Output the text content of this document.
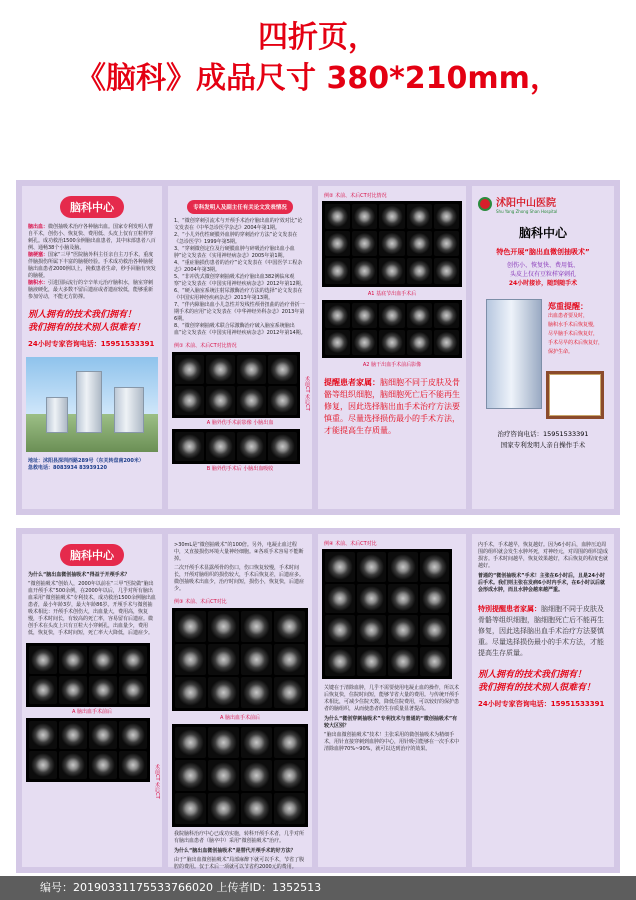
四折页，
《脑科》成品尺寸 380*210mm，
脑科中心

脑出血：微创抽吸术治疗各种脑出血。国家专利发明人曹自平术，创伤小、恢复快、费用低、头皮上仅有豆粒样穿刺孔。成功救治1500余例脑出血患者，其中床部患者八百例、通畅38个小脑及脑。

脑梗塞：国家“三甲”医院脑外科主任亲自主刀手术，重度伴脑损伤所属下丰富的脑梗经验。手术成功救治各种脑梗脑出血患者2000例以上，挽救患者生命，秒手回脑有突发的脑梗。

脑积水：引进国际流行的辛辛单元治疗脑积水，脑室穿刺脑液硬化，最大多数不留后遗症或者遗症较低，能够重新参加劳动，不能无方防撑。

别人拥有的技术我们拥有！
我们拥有的技术别人很难有！
24小时专家咨询电话：15951533391
地址：沭阳县深圳西路289号（东关转盘南200米）
急救电话：8083934 83939120
专科发明人及副主任有关论文发表情况

1、“微创穿刺引流术与开颅手术治疗脑出血的疗效对比”论文发表在《中华急诊医学杂志》2004年第1期。

2、“小儿外伤性硬膜外血肿的穿刺治疗方法”论文发表在《急诊医学》1999年第5期。

3、“穿刺微创定位及行硬膜血肿与碎吸治疗脑出血小血肿”论文发表在《实用神经病杂志》2005年第1期。

4、“重症脑损伤患者的治疗”论文发表在《中国医学工程杂志》2004年第3期。

5、“非冲洗式微创穿刺抽吸术治疗脑出血382例临床观察”论文发表在《中国实用神经疾病杂志》2012年第12期。

6、“硬入脑室系统注射尿激酶治疗方法的选择”论文发表在《中国实用神经疾病杂志》2013年第13期。

7、“伴内障脑出血小儿急性并发线性颅骨扭曲的治疗骨折一期手术的应用”论文发表在《中华神经外科杂志》2013年第6期。

8、“微创穿刺抽吸术联合尿激酶治疗破入脑室系统脑出血”论文发表在《中国实用神经疾病杂志》2012年第14期。

例① 术前、术后CT对比情况
A 脑外伤手术前影像 小脑出血
B 脑外伤手术后 小脑出血吸收
术前CT 术后CT
例② 术前、术后CT对比情况
A1 基底节出血手术后
A2 脑干出血手术前后影像
提醒患者家属：脑细胞不同于皮肤及骨骼等组织细胞，脑细胞死亡后不能再生修复，因此选择脑出血手术治疗方法要慎重。尽量选择损伤最小的手术方法，才能提高生存质量。
沭阳中山医院
Shu Yang Zhong Shan Hospital
脑科中心
特色开展“脑出血微创抽吸术”
创伤小、恢复快、费用低、
头皮上仅有豆粒样穿刺孔
24小时接诊，随到随手术
郑重提醒：
出血患者要及时，
脑积水手术后恢复慢，
尽早脑手术后恢复好，
手术尽早的术后恢复好，
保护生命。
治疗咨询电话：15951533391
国家专利发明人亲自操作手术
脑科中心
为什么“脑出血微创抽吸术”得益于开颅手术？
“微创抽吸术”创始人，2000年以前在“三甲”医院做“脑出血开颅手术”500余例，在2000年以后，几乎对所有脑出血采用“微创抽吸术”专利技术，成功救治1500余例脑出血患者，最小年龄3岁，最大年龄86岁。开颅手术与微创抽吸术相比：开颅手术创伤大，出血量大，费用高，恢复慢，手术时间长，有较高的死亡率，容易留有后遗症。微创手术在头皮上只有豆粒大小穿刺孔，出血量少，费用低，恢复快，手术时间短，死亡率大大降低，后遗症少。
A 脑出血手术前后
术前CT 术后CT
>30mL是“微创抽吸术”的100倍。另外，电凝止血过程中，又直接损伤环境大量神经细胞。④各项手术容易不能断掉。
二次开颅手术显露颅骨的伤口，伤口恢复较慢，手术时间长，开颅对脑组织的损伤较大，手术后恢复差，后遗症多。微创抽吸术出血少，治疗时间短，损伤小，恢复快，后遗症少。
例③ 术前、术后CT对比
A 脑出血手术前后
我院脑科治疗中心已成功实施，转科开颅手术者，几乎对所有脑出血患者（脑卒中）采用“微创抽吸术”治疗。
为什么“脑出血微创抽吸术”是替代开颅手术的好方法？
由于“脑出血微创抽吸术”局部麻醉下就可以手术，节省了腹腔的费用。仅于术后一项就可以节省约2000元的费用。
例④ 术前、术后CT对比
关键在于清除血肿，几乎不需要使用电凝止血的操作，所以术后恢复快，住院时间短，能够节省大量的费用。与传统开颅手术相比，可减少住院天数，降低住院费用，可以较好的保护患者的脑组织，从而使患者的生存质量显著提高。
为什么“微创穿刺抽吸术”专利技术与普通的“微创抽吸术”有较大区别？
“脑出血微创抽吸术”技术！主张采用的微创抽吸术为精细手术，用针直接穿刺到血肿的中心，用针吸引能够在一次手术中清除血肿70%~90%，就可以达到治疗的效果。
内手术，手术越早，恢复越好。因为6小时后，血肿压迫周围的组织就会发生水肿坏死，对神经元，对周围的组织造成损害。手术时间越早，恢复效果越好，术后恢复的程度也就越好。
普通的“微创抽吸术”手术！主张在6小时后，且是24小时后手术。我们则主张在发病6小时内手术，在6小时以后就会形成水肿，而且水肿会越来越严重。
特别提醒患者家属：脑细胞不同于皮肤及骨骼等组织细胞，脑细胞死亡后不能再生修复，因此选择脑出血手术治疗方法要慎重。尽量选择损伤最小的手术方法，才能提高生存质量。
别人拥有的技术我们拥有！
我们拥有的技术别人很难有！
24小时专家咨询电话：15951533391
编号：20190331175533766020 上传者ID：1352513
